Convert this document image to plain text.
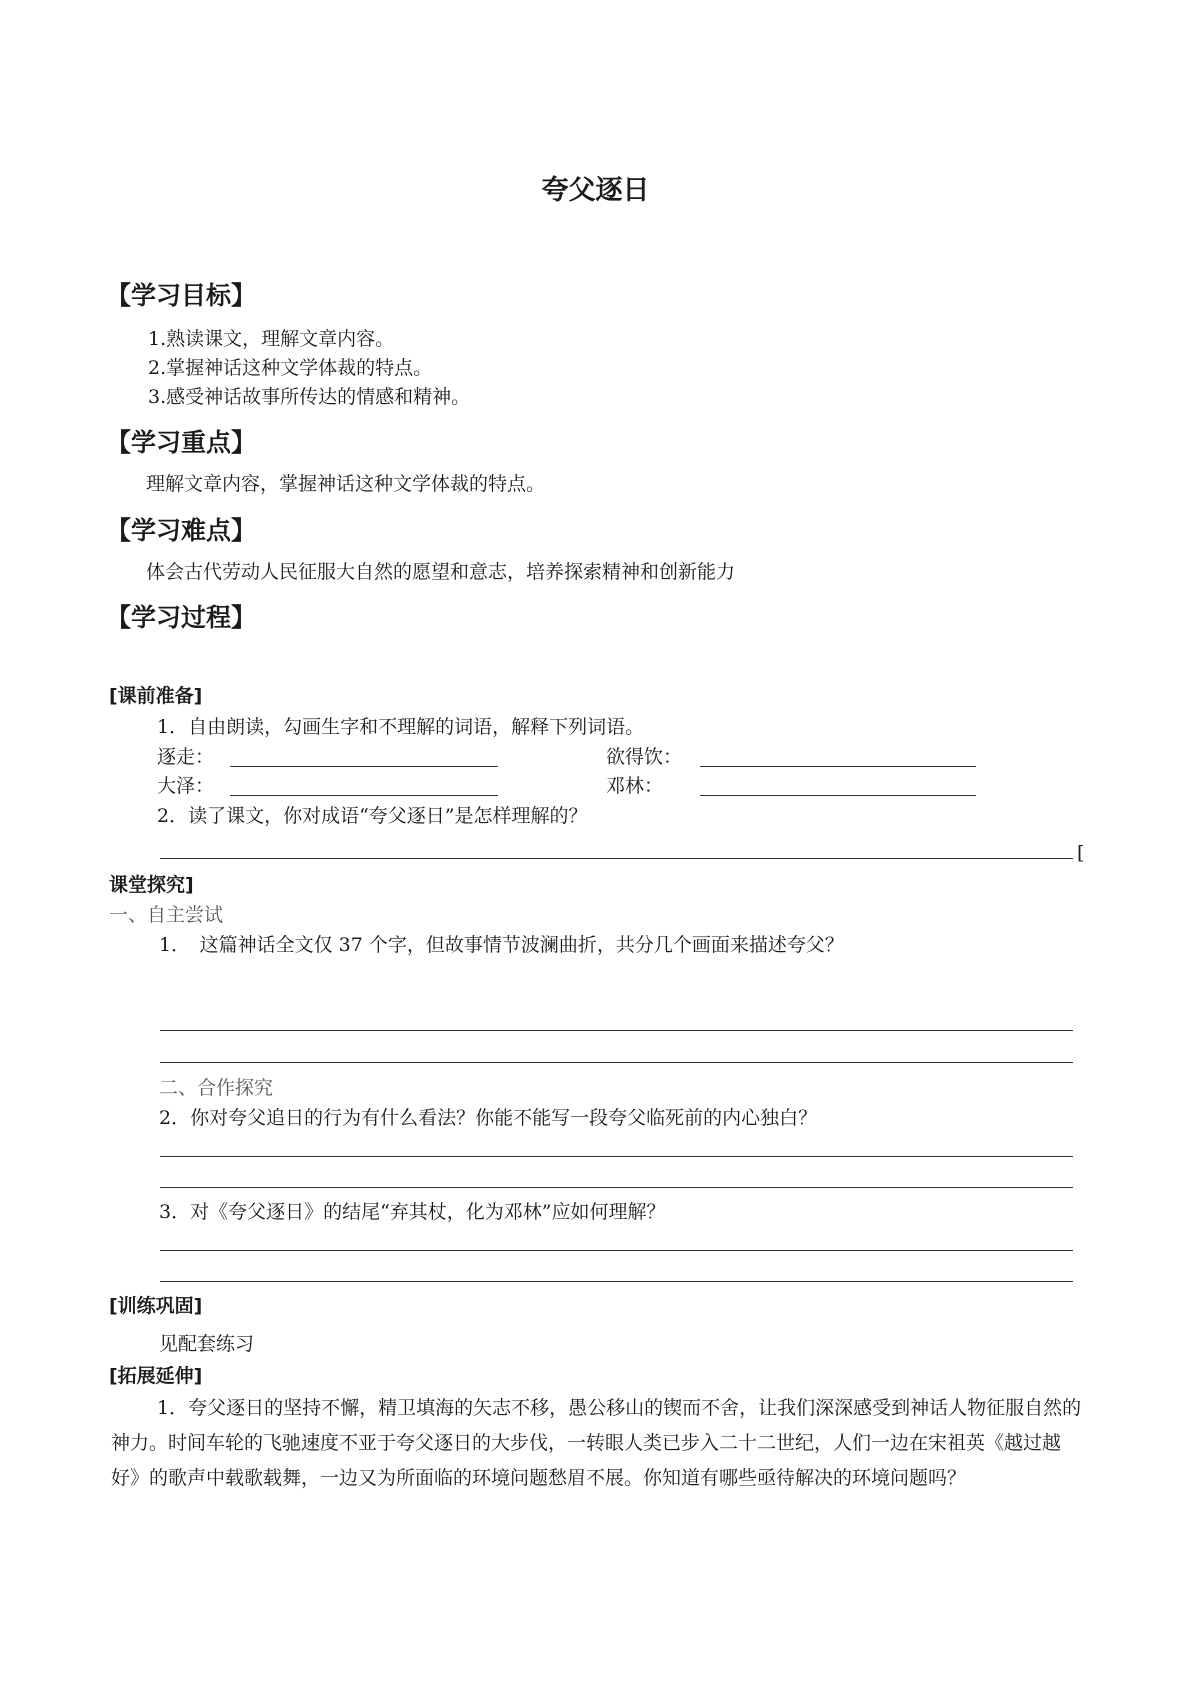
夸父逐日
【学习目标】
1.熟读课文，理解文章内容。
2.掌握神话这种文学体裁的特点。
3.感受神话故事所传达的情感和精神。
【学习重点】
理解文章内容，掌握神话这种文学体裁的特点。
【学习难点】
体会古代劳动人民征服大自然的愿望和意志，培养探索精神和创新能力
【学习过程】
[课前准备]
1．自由朗读，勾画生字和不理解的词语，解释下列词语。
逐走：	欲得饮：
大泽：	邓林：
2．读了课文，你对成语“夸父逐日”是怎样理解的？
[
课堂探究]
一、自主尝试
1．　这篇神话全文仅 37 个字，但故事情节波澜曲折，共分几个画面来描述夸父？
二、合作探究
2．你对夸父追日的行为有什么看法？你能不能写一段夸父临死前的内心独白？
3．对《夸父逐日》的结尾“弃其杖，化为邓林”应如何理解？
[训练巩固]
见配套练习
[拓展延伸]
1．夸父逐日的坚持不懈，精卫填海的矢志不移，愚公移山的锲而不舍，让我们深深感受到神话人物征服自然的神力。时间车轮的飞驰速度不亚于夸父逐日的大步伐，一转眼人类已步入二十二世纪，人们一边在宋祖英《越过越好》的歌声中载歌载舞，一边又为所面临的环境问题愁眉不展。你知道有哪些亟待解决的环境问题吗？
